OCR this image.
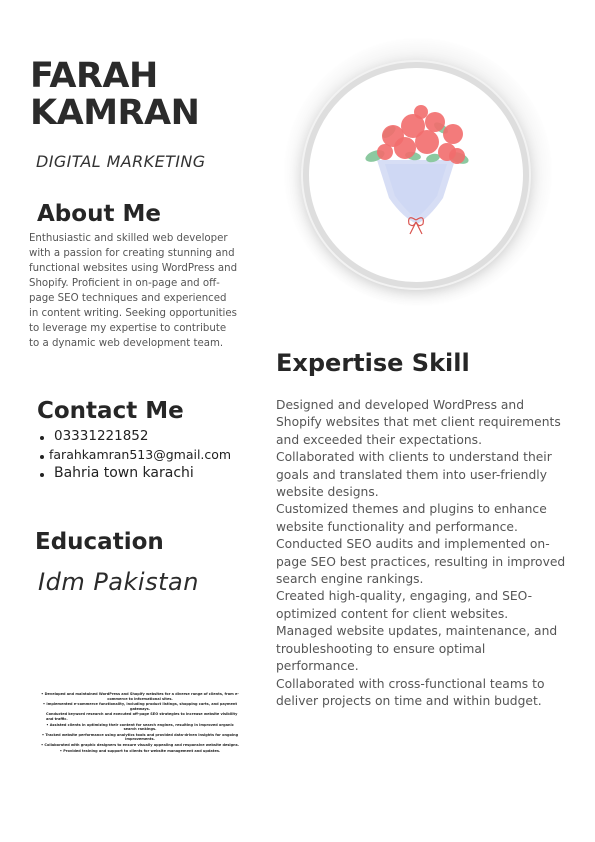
FARAH
KAMRAN

DIGITAL MARKETING

About Me

Enthusiastic and skilled web developer with a passion for creating stunning and functional websites using WordPress and Shopify. Proficient in on-page and off-page SEO techniques and experienced in content writing. Seeking opportunities to leverage my expertise to contribute to a dynamic web development team.

Contact Me
03331221852
farahkamran513@gmail.com
Bahria town karachi
Education

Idm Pakistan

• Developed and maintained WordPress and Shopify websites for a diverse range of clients, from e-commerce to informational sites.
• Implemented e-commerce functionality, including product listings, shopping carts, and payment gateways.
Conducted keyword research and executed off-page SEO strategies to increase website visibility and traffic.
• Assisted clients in optimizing their content for search engines, resulting in improved organic search rankings.
• Tracked website performance using analytics tools and provided data-driven insights for ongoing improvements.
• Collaborated with graphic designers to ensure visually appealing and responsive website designs.
• Provided training and support to clients for website management and updates.
Expertise Skill

Designed and developed WordPress and Shopify websites that met client requirements and exceeded their expectations.

Collaborated with clients to understand their goals and translated them into user-friendly website designs.

Customized themes and plugins to enhance website functionality and performance.

Conducted SEO audits and implemented on-page SEO best practices, resulting in improved search engine rankings.

Created high-quality, engaging, and SEO-optimized content for client websites.

Managed website updates, maintenance, and troubleshooting to ensure optimal performance.

Collaborated with cross-functional teams to deliver projects on time and within budget.
